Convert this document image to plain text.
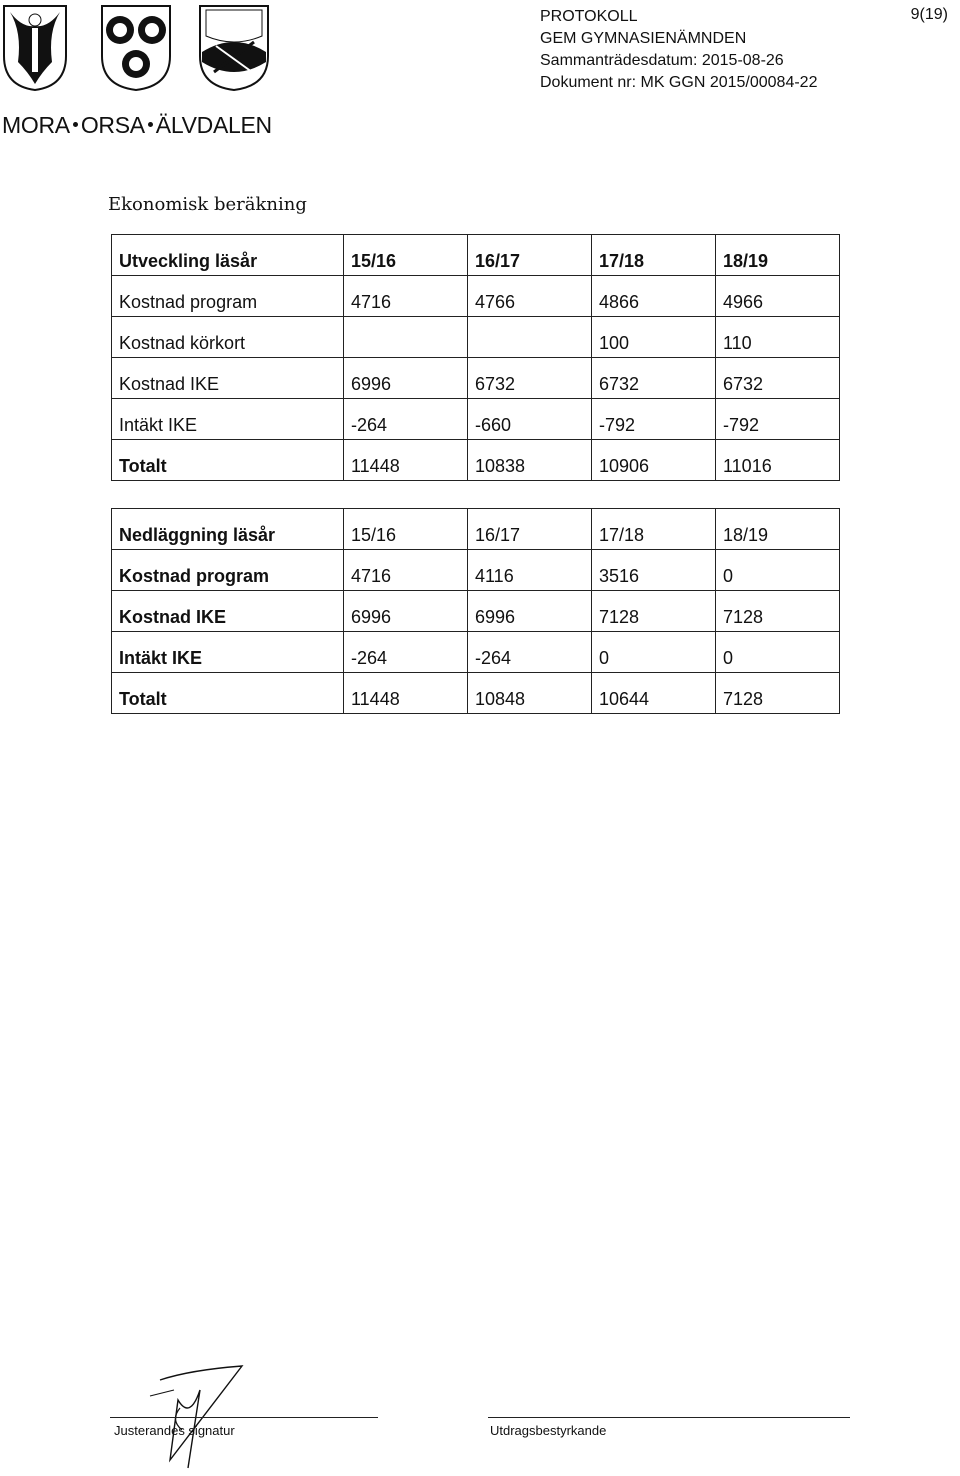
MORA ORSA ÄLVDALEN
PROTOKOLL
GEM GYMNASIENÄMNDEN
Sammanträdesdatum: 2015-08-26
Dokument nr: MK GGN 2015/00084-22
9(19)
Ekonomisk beräkning
Utveckling läsår	15/16	16/17	17/18	18/19
Kostnad program	4716	4766	4866	4966
Kostnad körkort			100	110
Kostnad IKE	6996	6732	6732	6732
Intäkt IKE	-264	-660	-792	-792
Totalt	11448	10838	10906	11016
Nedläggning läsår	15/16	16/17	17/18	18/19
Kostnad program	4716	4116	3516	0
Kostnad IKE	6996	6996	7128	7128
Intäkt IKE	-264	-264	0	0
Totalt	11448	10848	10644	7128
Justerandes signatur	Utdragsbestyrkande
